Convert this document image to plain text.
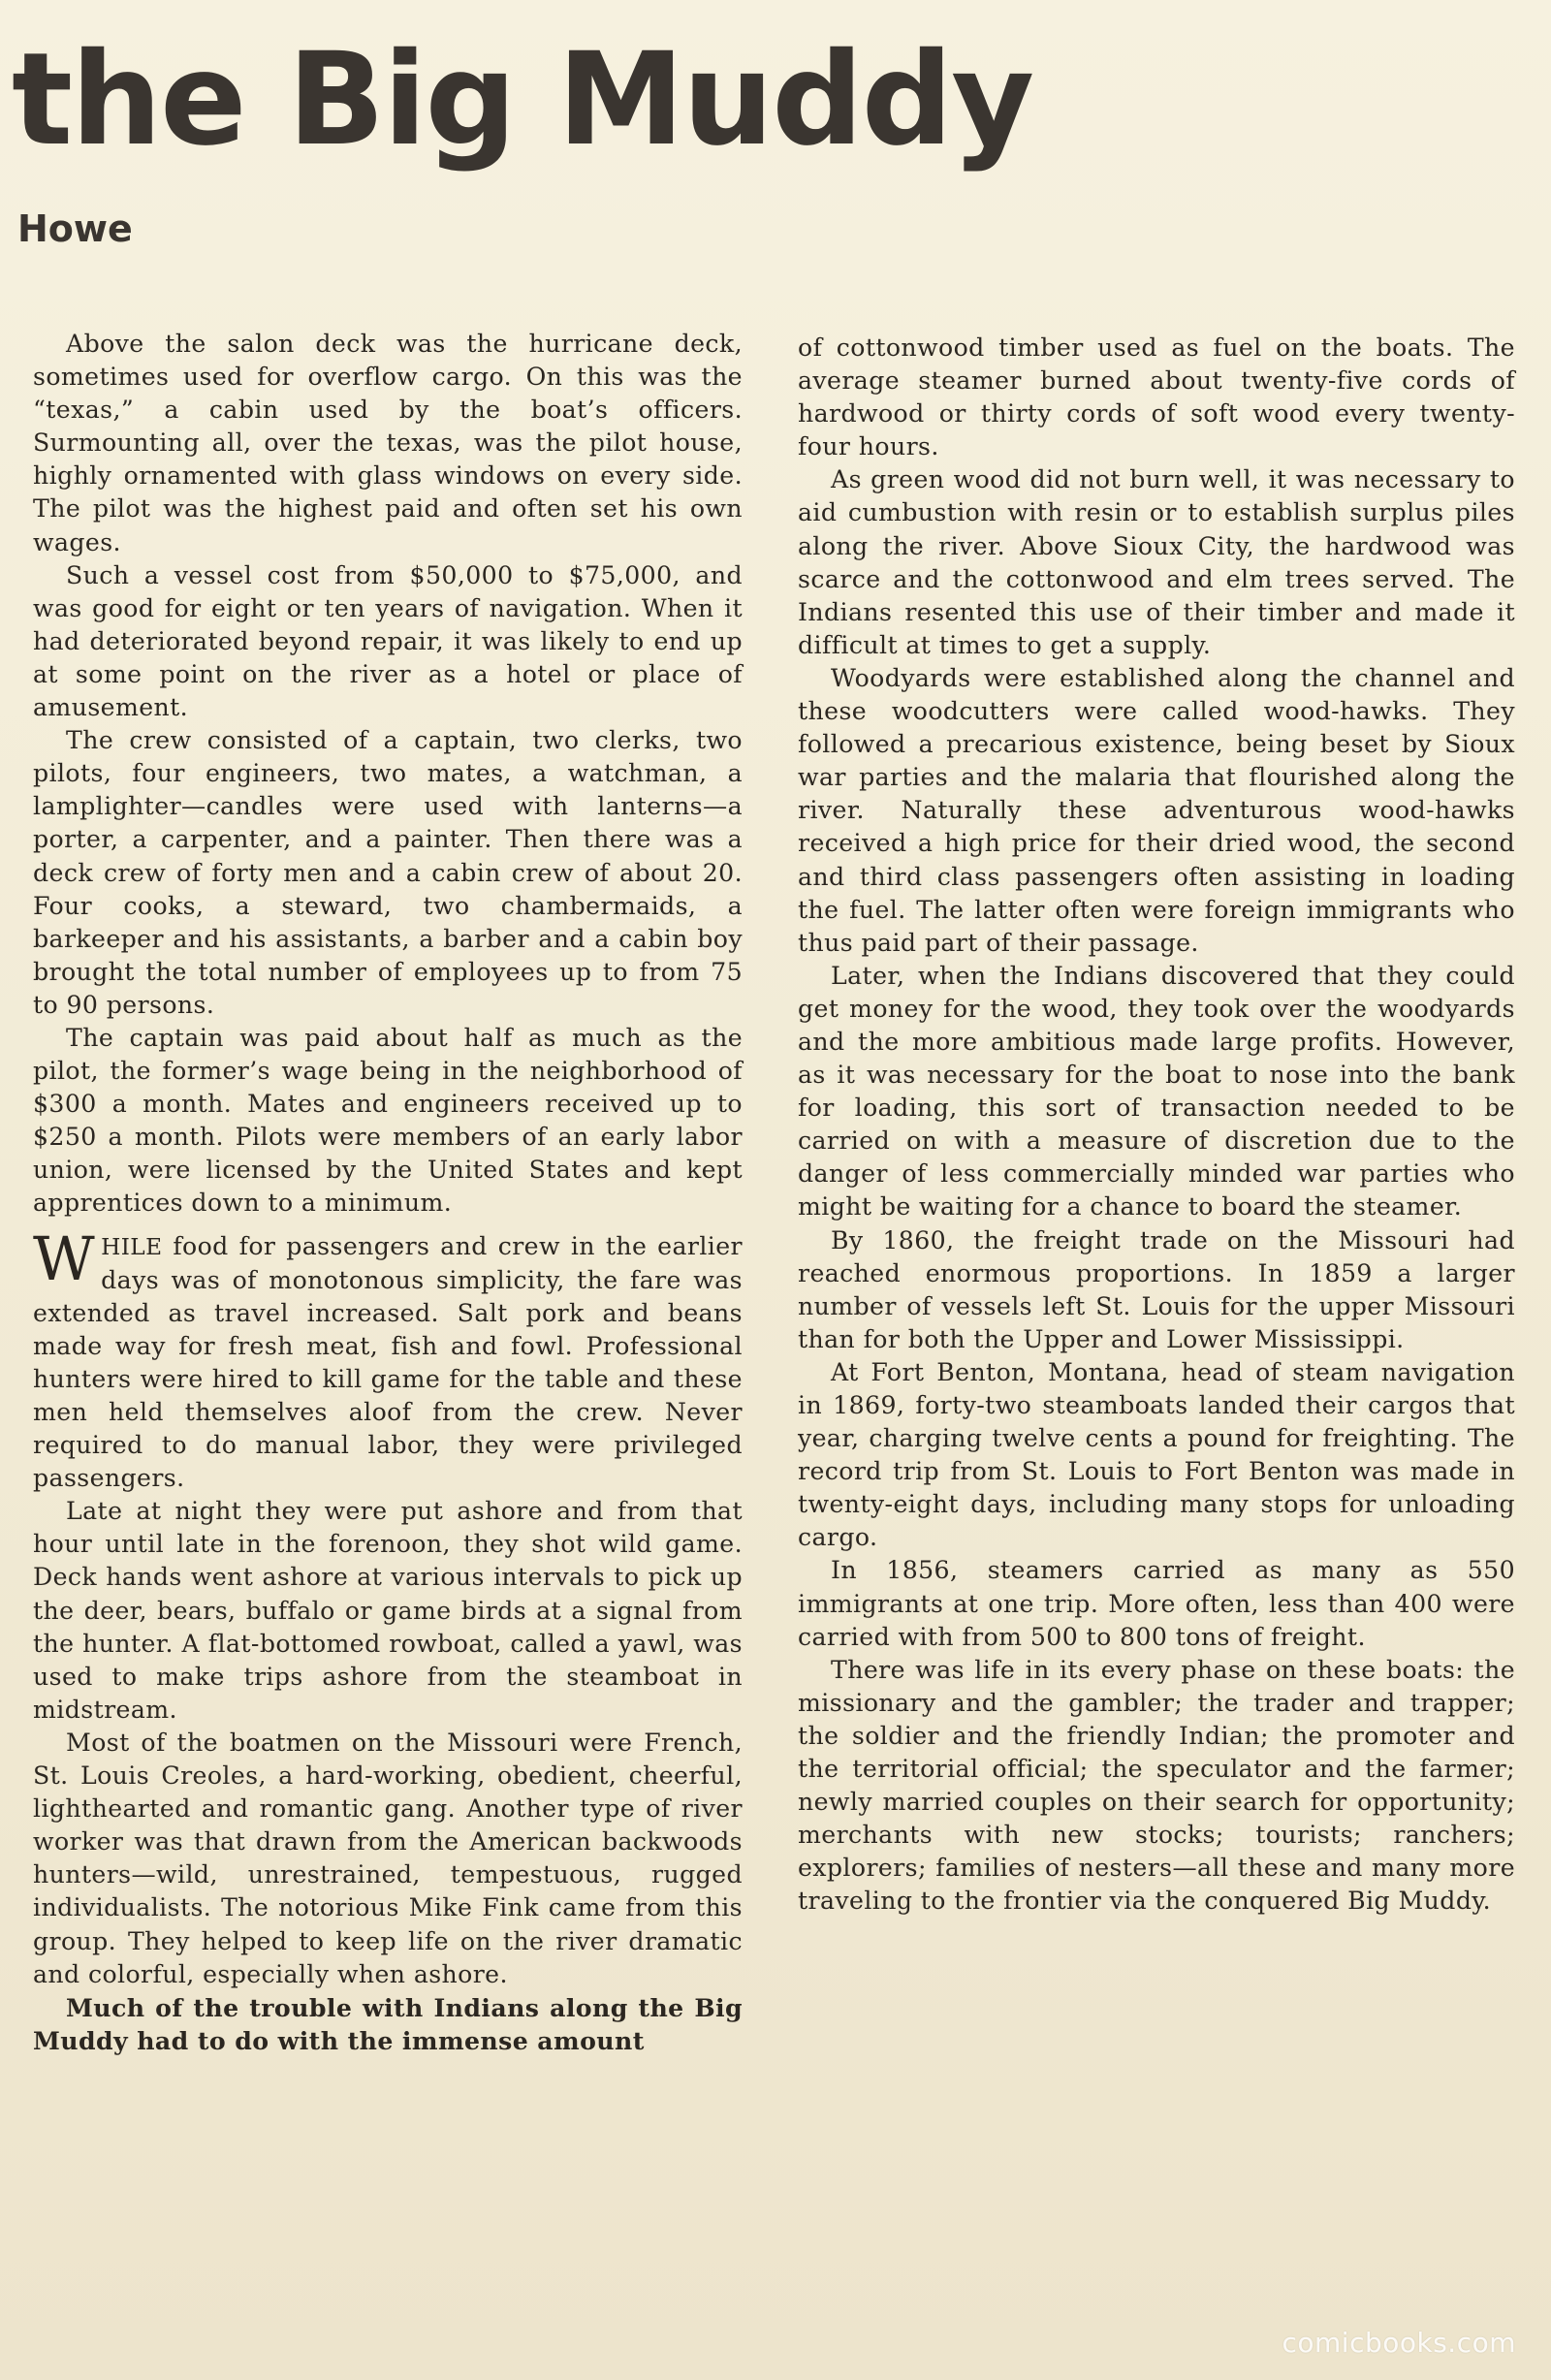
the Big Muddy
Howe

Above the salon deck was the hurricane deck, sometimes used for overflow cargo. On this was the “texas,” a cabin used by the boat’s officers. Surmounting all, over the texas, was the pilot house, highly ornamented with glass windows on every side. The pilot was the highest paid and often set his own wages.

Such a vessel cost from $50,000 to $75,000, and was good for eight or ten years of navigation. When it had deteriorated beyond repair, it was likely to end up at some point on the river as a hotel or place of amusement.

The crew consisted of a captain, two clerks, two pilots, four engineers, two mates, a watchman, a lamplighter—candles were used with lanterns—a porter, a carpenter, and a painter. Then there was a deck crew of forty men and a cabin crew of about 20. Four cooks, a steward, two chambermaids, a barkeeper and his assistants, a barber and a cabin boy brought the total number of employees up to from 75 to 90 persons.

The captain was paid about half as much as the pilot, the former’s wage being in the neighborhood of $300 a month. Mates and engineers received up to $250 a month. Pilots were members of an early labor union, were licensed by the United States and kept apprentices down to a minimum.

WHILE food for passengers and crew in the earlier days was of monotonous simplicity, the fare was extended as travel increased. Salt pork and beans made way for fresh meat, fish and fowl. Professional hunters were hired to kill game for the table and these men held themselves aloof from the crew. Never required to do manual labor, they were privileged passengers.

Late at night they were put ashore and from that hour until late in the forenoon, they shot wild game. Deck hands went ashore at various intervals to pick up the deer, bears, buffalo or game birds at a signal from the hunter. A flat-bottomed rowboat, called a yawl, was used to make trips ashore from the steamboat in midstream.

Most of the boatmen on the Missouri were French, St. Louis Creoles, a hard-working, obedient, cheerful, lighthearted and romantic gang. Another type of river worker was that drawn from the American backwoods hunters—wild, unrestrained, tempestuous, rugged individualists. The notorious Mike Fink came from this group. They helped to keep life on the river dramatic and colorful, especially when ashore.

Much of the trouble with Indians along the Big Muddy had to do with the immense amount

of cottonwood timber used as fuel on the boats. The average steamer burned about twenty-five cords of hardwood or thirty cords of soft wood every twenty-four hours.

As green wood did not burn well, it was necessary to aid cumbustion with resin or to establish surplus piles along the river. Above Sioux City, the hardwood was scarce and the cottonwood and elm trees served. The Indians resented this use of their timber and made it difficult at times to get a supply.

Woodyards were established along the channel and these woodcutters were called wood-hawks. They followed a precarious existence, being beset by Sioux war parties and the malaria that flourished along the river. Naturally these adventurous wood-hawks received a high price for their dried wood, the second and third class passengers often assisting in loading the fuel. The latter often were foreign immigrants who thus paid part of their passage.

Later, when the Indians discovered that they could get money for the wood, they took over the woodyards and the more ambitious made large profits. However, as it was necessary for the boat to nose into the bank for loading, this sort of transaction needed to be carried on with a measure of discretion due to the danger of less commercially minded war parties who might be waiting for a chance to board the steamer.

By 1860, the freight trade on the Missouri had reached enormous proportions. In 1859 a larger number of vessels left St. Louis for the upper Missouri than for both the Upper and Lower Mississippi.

At Fort Benton, Montana, head of steam navigation in 1869, forty-two steamboats landed their cargos that year, charging twelve cents a pound for freighting. The record trip from St. Louis to Fort Benton was made in twenty-eight days, including many stops for unloading cargo.

In 1856, steamers carried as many as 550 immigrants at one trip. More often, less than 400 were carried with from 500 to 800 tons of freight.

There was life in its every phase on these boats: the missionary and the gambler; the trader and trapper; the soldier and the friendly Indian; the promoter and the territorial official; the speculator and the farmer; newly married couples on their search for opportunity; merchants with new stocks; tourists; ranchers; explorers; families of nesters—all these and many more traveling to the frontier via the conquered Big Muddy.

comicbooks.com
